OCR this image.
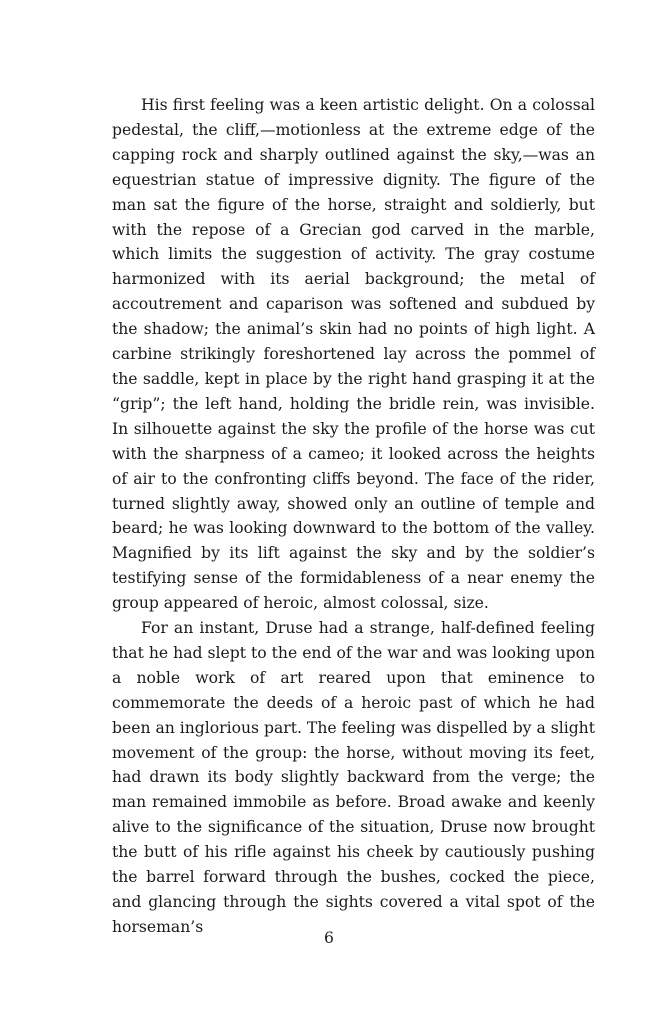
His first feeling was a keen artistic delight. On a colossal pedestal, the cliff,—motionless at the extreme edge of the capping rock and sharply outlined against the sky,—was an equestrian statue of impressive dignity. The figure of the man sat the figure of the horse, straight and soldierly, but with the repose of a Grecian god carved in the marble, which limits the suggestion of activity. The gray costume harmonized with its aerial background; the metal of accoutrement and caparison was softened and subdued by the shadow; the animal’s skin had no points of high light. A carbine strikingly foreshortened lay across the pommel of the saddle, kept in place by the right hand grasping it at the “grip”; the left hand, holding the bridle rein, was invisible. In silhouette against the sky the profile of the horse was cut with the sharpness of a cameo; it looked across the heights of air to the confronting cliffs beyond. The face of the rider, turned slightly away, showed only an outline of temple and beard; he was looking downward to the bottom of the valley. Magnified by its lift against the sky and by the soldier’s testifying sense of the formidableness of a near enemy the group appeared of heroic, almost colossal, size.

For an instant, Druse had a strange, half-defined feeling that he had slept to the end of the war and was looking upon a noble work of art reared upon that eminence to commemorate the deeds of a heroic past of which he had been an inglorious part. The feeling was dispelled by a slight movement of the group: the horse, without moving its feet, had drawn its body slightly backward from the verge; the man remained immobile as before. Broad awake and keenly alive to the significance of the situation, Druse now brought the butt of his rifle against his cheek by cautiously pushing the barrel forward through the bushes, cocked the piece, and glancing through the sights covered a vital spot of the horseman’s

6
